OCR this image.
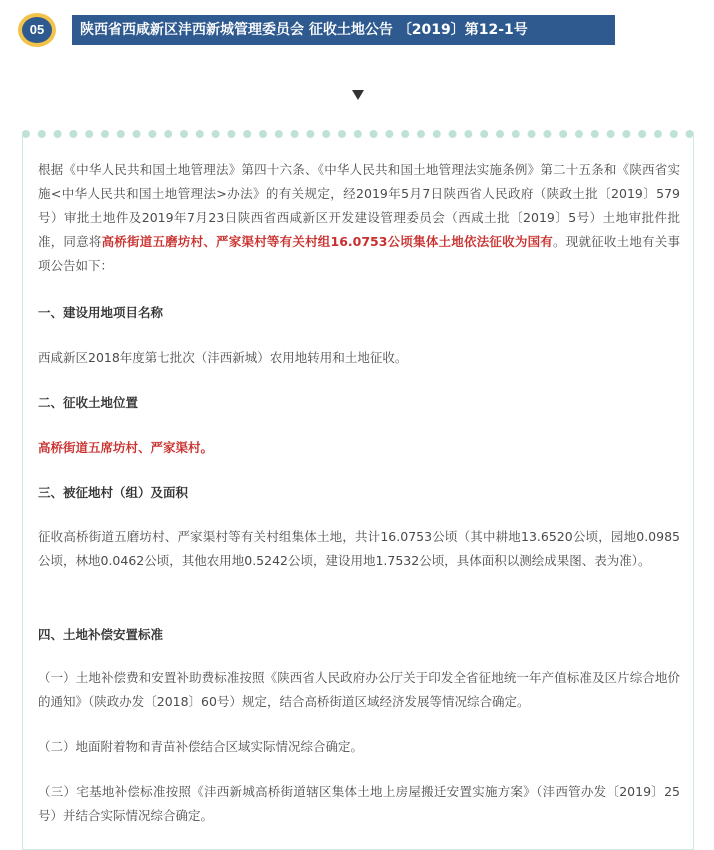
05	陕西省西咸新区沣西新城管理委员会 征收土地公告 〔2019〕第12-1号
根据《中华人民共和国土地管理法》第四十六条、《中华人民共和国土地管理法实施条例》第二十五条和《陕西省实施<中华人民共和国土地管理法>办法》的有关规定，经2019年5月7日陕西省人民政府（陕政土批〔2019〕579号）审批土地件及2019年7月23日陕西省西咸新区开发建设管理委员会（西咸土批〔2019〕5号）土地审批件批准，同意将高桥街道五磨坊村、严家渠村等有关村组16.0753公顷集体土地依法征收为国有。现就征收土地有关事项公告如下：
一、建设用地项目名称
西咸新区2018年度第七批次（沣西新城）农用地转用和土地征收。
二、征收土地位置
高桥街道五席坊村、严家渠村。
三、被征地村（组）及面积
征收高桥街道五磨坊村、严家渠村等有关村组集体土地，共计16.0753公顷（其中耕地13.6520公顷，园地0.0985公顷，林地0.0462公顷，其他农用地0.5242公顷，建设用地1.7532公顷，具体面积以测绘成果图、表为准）。
四、土地补偿安置标准
（一）土地补偿费和安置补助费标准按照《陕西省人民政府办公厅关于印发全省征地统一年产值标准及区片综合地价的通知》（陕政办发〔2018〕60号）规定，结合高桥街道区域经济发展等情况综合确定。
（二）地面附着物和青苗补偿结合区域实际情况综合确定。
（三）宅基地补偿标准按照《沣西新城高桥街道辖区集体土地上房屋搬迁安置实施方案》（沣西管办发〔2019〕25号）并结合实际情况综合确定。
